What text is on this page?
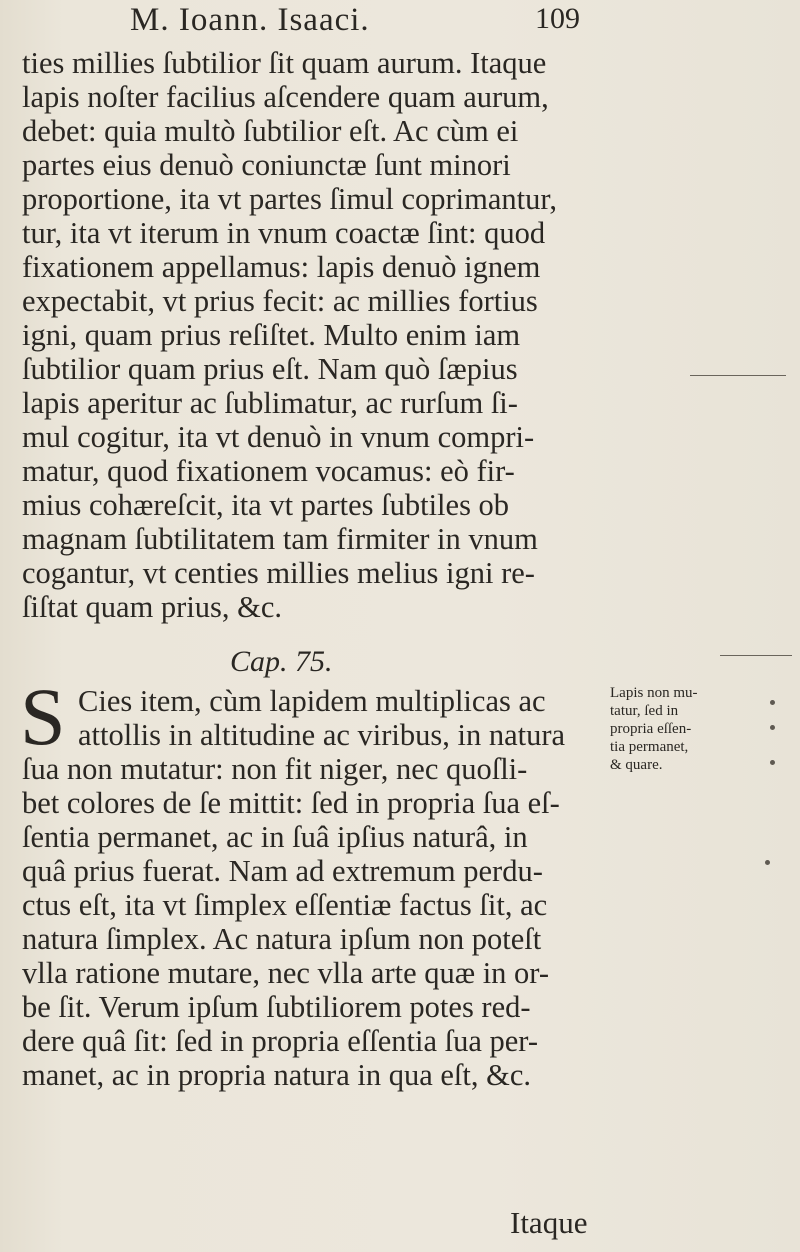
M. Ioann. Isaaci.	109
ties millies ſubtilior ſit quam aurum. Itaque
lapis noſter facilius aſcendere quam aurum,
debet: quia multò ſubtilior eſt. Ac cùm ei
partes eius denuò coniunctæ ſunt minori
proportione, ita vt partes ſimul coprimantur,
tur, ita vt iterum in vnum coactæ ſint: quod
fixationem appellamus: lapis denuò ignem
expectabit, vt prius fecit: ac millies fortius
igni, quam prius reſiſtet. Multo enim iam
ſubtilior quam prius eſt. Nam quò ſæpius
lapis aperitur ac ſublimatur, ac rurſum ſi-
mul cogitur, ita vt denuò in vnum compri-
matur, quod fixationem vocamus: eò fir-
mius cohæreſcit, ita vt partes ſubtiles ob
magnam ſubtilitatem tam firmiter in vnum
cogantur, vt centies millies melius igni re-
ſiſtat quam prius, &c.
Cap. 75.
S Cies item, cùm lapidem multiplicas ac
attollis in altitudine ac viribus, in natura
ſua non mutatur: non fit niger, nec quoſli-
bet colores de ſe mittit: ſed in propria ſua eſ-
ſentia permanet, ac in ſuâ ipſius naturâ, in
quâ prius fuerat. Nam ad extremum perdu-
ctus eſt, ita vt ſimplex eſſentiæ factus ſit, ac
natura ſimplex. Ac natura ipſum non poteſt
vlla ratione mutare, nec vlla arte quæ in or-
be ſit. Verum ipſum ſubtiliorem potes red-
dere quâ ſit: ſed in propria eſſentia ſua per-
manet, ac in propria natura in qua eſt, &c.
Lapis non mu-
tatur, ſed in
propria eſſen-
tia permanet,
& quare.
Itaque
